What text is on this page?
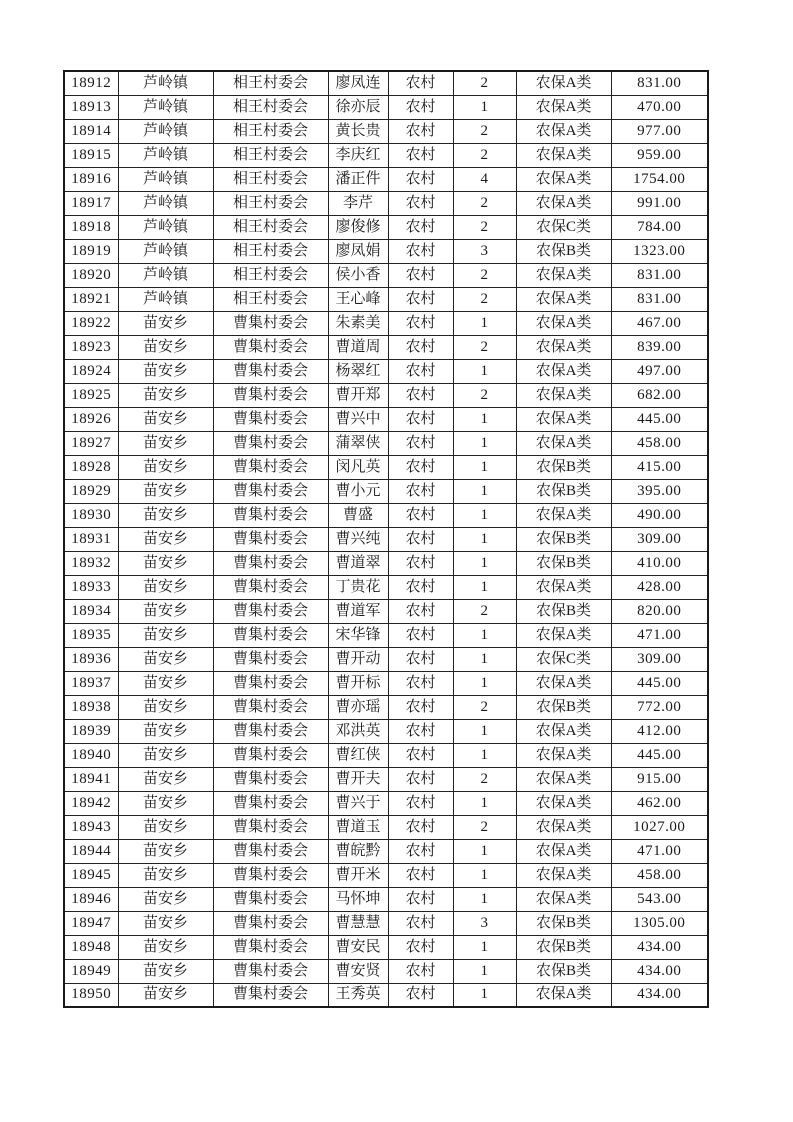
18912	芦岭镇	相王村委会	廖凤连	农村	2	农保A类	831.00
18913	芦岭镇	相王村委会	徐亦辰	农村	1	农保A类	470.00
18914	芦岭镇	相王村委会	黄长贵	农村	2	农保A类	977.00
18915	芦岭镇	相王村委会	李庆红	农村	2	农保A类	959.00
18916	芦岭镇	相王村委会	潘正件	农村	4	农保A类	1754.00
18917	芦岭镇	相王村委会	李芹	农村	2	农保A类	991.00
18918	芦岭镇	相王村委会	廖俊修	农村	2	农保C类	784.00
18919	芦岭镇	相王村委会	廖凤娟	农村	3	农保B类	1323.00
18920	芦岭镇	相王村委会	侯小香	农村	2	农保A类	831.00
18921	芦岭镇	相王村委会	王心峰	农村	2	农保A类	831.00
18922	苗安乡	曹集村委会	朱素美	农村	1	农保A类	467.00
18923	苗安乡	曹集村委会	曹道周	农村	2	农保A类	839.00
18924	苗安乡	曹集村委会	杨翠红	农村	1	农保A类	497.00
18925	苗安乡	曹集村委会	曹开郑	农村	2	农保A类	682.00
18926	苗安乡	曹集村委会	曹兴中	农村	1	农保A类	445.00
18927	苗安乡	曹集村委会	蒲翠侠	农村	1	农保A类	458.00
18928	苗安乡	曹集村委会	闵凡英	农村	1	农保B类	415.00
18929	苗安乡	曹集村委会	曹小元	农村	1	农保B类	395.00
18930	苗安乡	曹集村委会	曹盛	农村	1	农保A类	490.00
18931	苗安乡	曹集村委会	曹兴纯	农村	1	农保B类	309.00
18932	苗安乡	曹集村委会	曹道翠	农村	1	农保B类	410.00
18933	苗安乡	曹集村委会	丁贵花	农村	1	农保A类	428.00
18934	苗安乡	曹集村委会	曹道军	农村	2	农保B类	820.00
18935	苗安乡	曹集村委会	宋华锋	农村	1	农保A类	471.00
18936	苗安乡	曹集村委会	曹开动	农村	1	农保C类	309.00
18937	苗安乡	曹集村委会	曹开标	农村	1	农保A类	445.00
18938	苗安乡	曹集村委会	曹亦瑶	农村	2	农保B类	772.00
18939	苗安乡	曹集村委会	邓洪英	农村	1	农保A类	412.00
18940	苗安乡	曹集村委会	曹红侠	农村	1	农保A类	445.00
18941	苗安乡	曹集村委会	曹开夫	农村	2	农保A类	915.00
18942	苗安乡	曹集村委会	曹兴于	农村	1	农保A类	462.00
18943	苗安乡	曹集村委会	曹道玉	农村	2	农保A类	1027.00
18944	苗安乡	曹集村委会	曹皖黔	农村	1	农保A类	471.00
18945	苗安乡	曹集村委会	曹开米	农村	1	农保A类	458.00
18946	苗安乡	曹集村委会	马怀坤	农村	1	农保A类	543.00
18947	苗安乡	曹集村委会	曹慧慧	农村	3	农保B类	1305.00
18948	苗安乡	曹集村委会	曹安民	农村	1	农保B类	434.00
18949	苗安乡	曹集村委会	曹安贤	农村	1	农保B类	434.00
18950	苗安乡	曹集村委会	王秀英	农村	1	农保A类	434.00
